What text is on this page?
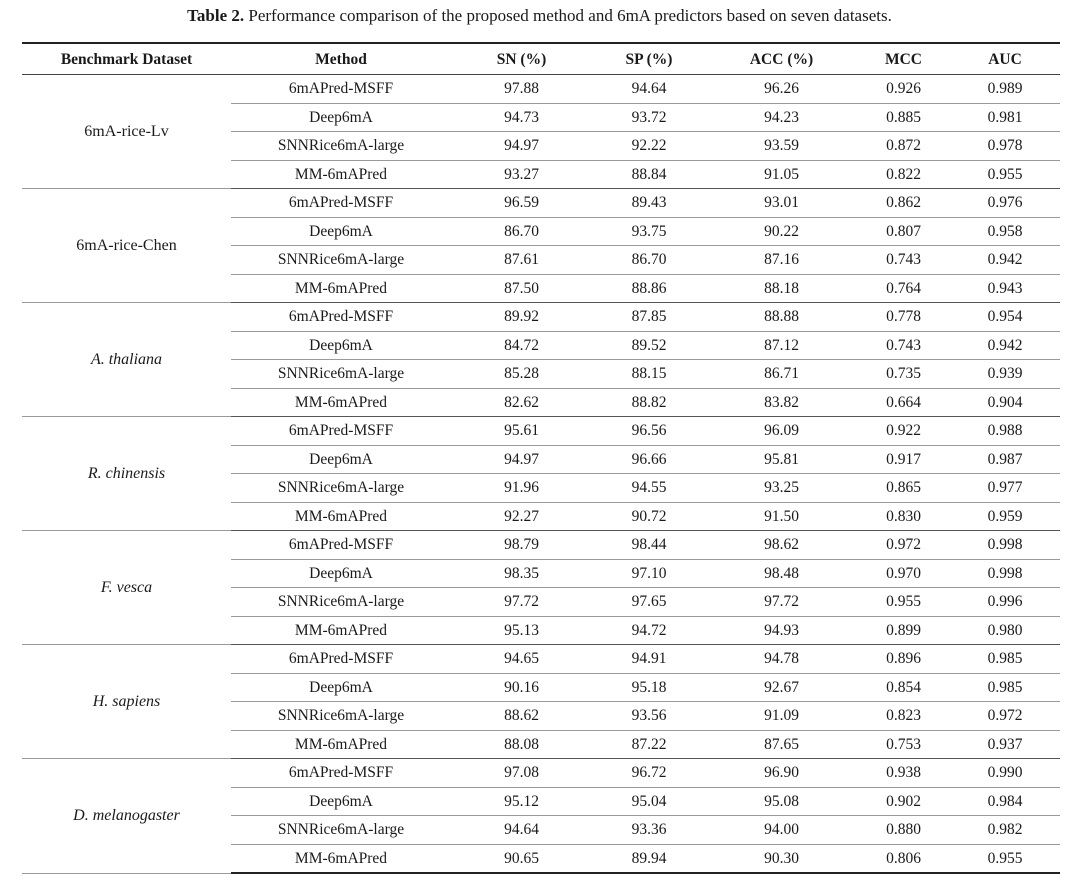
Table 2. Performance comparison of the proposed method and 6mA predictors based on seven datasets.
Benchmark Dataset	Method	SN (%)	SP (%)	ACC (%)	MCC	AUC
6mA-rice-Lv	6mAPred-MSFF	97.88	94.64	96.26	0.926	0.989
	Deep6mA	94.73	93.72	94.23	0.885	0.981
	SNNRice6mA-large	94.97	92.22	93.59	0.872	0.978
	MM-6mAPred	93.27	88.84	91.05	0.822	0.955
6mA-rice-Chen	6mAPred-MSFF	96.59	89.43	93.01	0.862	0.976
	Deep6mA	86.70	93.75	90.22	0.807	0.958
	SNNRice6mA-large	87.61	86.70	87.16	0.743	0.942
	MM-6mAPred	87.50	88.86	88.18	0.764	0.943
A. thaliana	6mAPred-MSFF	89.92	87.85	88.88	0.778	0.954
	Deep6mA	84.72	89.52	87.12	0.743	0.942
	SNNRice6mA-large	85.28	88.15	86.71	0.735	0.939
	MM-6mAPred	82.62	88.82	83.82	0.664	0.904
R. chinensis	6mAPred-MSFF	95.61	96.56	96.09	0.922	0.988
	Deep6mA	94.97	96.66	95.81	0.917	0.987
	SNNRice6mA-large	91.96	94.55	93.25	0.865	0.977
	MM-6mAPred	92.27	90.72	91.50	0.830	0.959
F. vesca	6mAPred-MSFF	98.79	98.44	98.62	0.972	0.998
	Deep6mA	98.35	97.10	98.48	0.970	0.998
	SNNRice6mA-large	97.72	97.65	97.72	0.955	0.996
	MM-6mAPred	95.13	94.72	94.93	0.899	0.980
H. sapiens	6mAPred-MSFF	94.65	94.91	94.78	0.896	0.985
	Deep6mA	90.16	95.18	92.67	0.854	0.985
	SNNRice6mA-large	88.62	93.56	91.09	0.823	0.972
	MM-6mAPred	88.08	87.22	87.65	0.753	0.937
D. melanogaster	6mAPred-MSFF	97.08	96.72	96.90	0.938	0.990
	Deep6mA	95.12	95.04	95.08	0.902	0.984
	SNNRice6mA-large	94.64	93.36	94.00	0.880	0.982
	MM-6mAPred	90.65	89.94	90.30	0.806	0.955
